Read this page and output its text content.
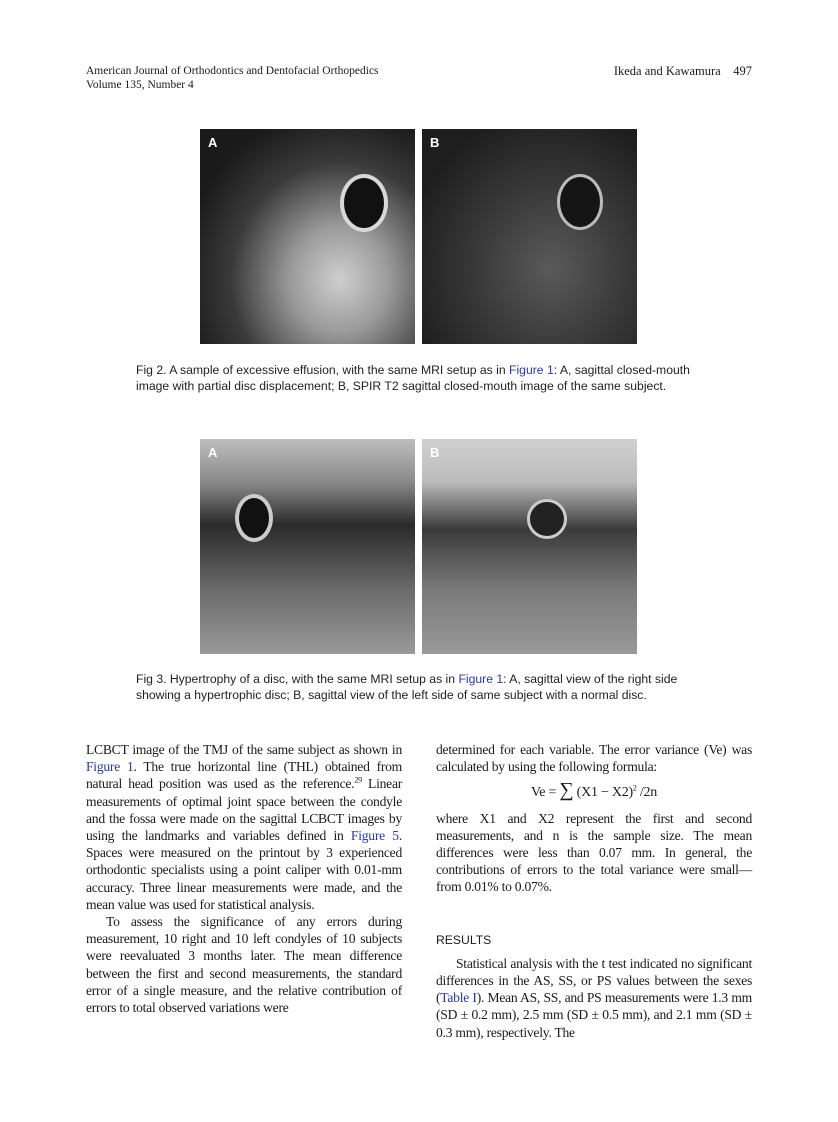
American Journal of Orthodontics and Dentofacial Orthopedics
Volume 135, Number 4
Ikeda and Kawamura 497
A	B
Fig 2. A sample of excessive effusion, with the same MRI setup as in Figure 1: A, sagittal closed-mouth image with partial disc displacement; B, SPIR T2 sagittal closed-mouth image of the same subject.
A	B
Fig 3. Hypertrophy of a disc, with the same MRI setup as in Figure 1: A, sagittal view of the right side showing a hypertrophic disc; B, sagittal view of the left side of same subject with a normal disc.

LCBCT image of the TMJ of the same subject as shown in Figure 1. The true horizontal line (THL) obtained from natural head position was used as the reference.$^{29}$ Linear measurements of optimal joint space between the condyle and the fossa were made on the sagittal LCBCT images by using the landmarks and variables defined in Figure 5. Spaces were measured on the printout by 3 experienced orthodontic specialists using a point caliper with 0.01-mm accuracy. Three linear measurements were made, and the mean value was used for statistical analysis.

To assess the significance of any errors during measurement, 10 right and 10 left condyles of 10 subjects were reevaluated 3 months later. The mean difference between the first and second measurements, the standard error of a single measure, and the relative contribution of errors to total observed variations were

determined for each variable. The error variance (Ve) was calculated by using the following formula:

Ve = ∑ $(X1 - X2)^2$ /2n

where X1 and X2 represent the first and second measurements, and n is the sample size. The mean differences were less than 0.07 mm. In general, the contributions of errors to the total variance were small—from 0.01% to 0.07%.

RESULTS

Statistical analysis with the t test indicated no significant differences in the AS, SS, or PS values between the sexes (Table I). Mean AS, SS, and PS measurements were 1.3 mm (SD ± 0.2 mm), 2.5 mm (SD ± 0.5 mm), and 2.1 mm (SD ± 0.3 mm), respectively. The
